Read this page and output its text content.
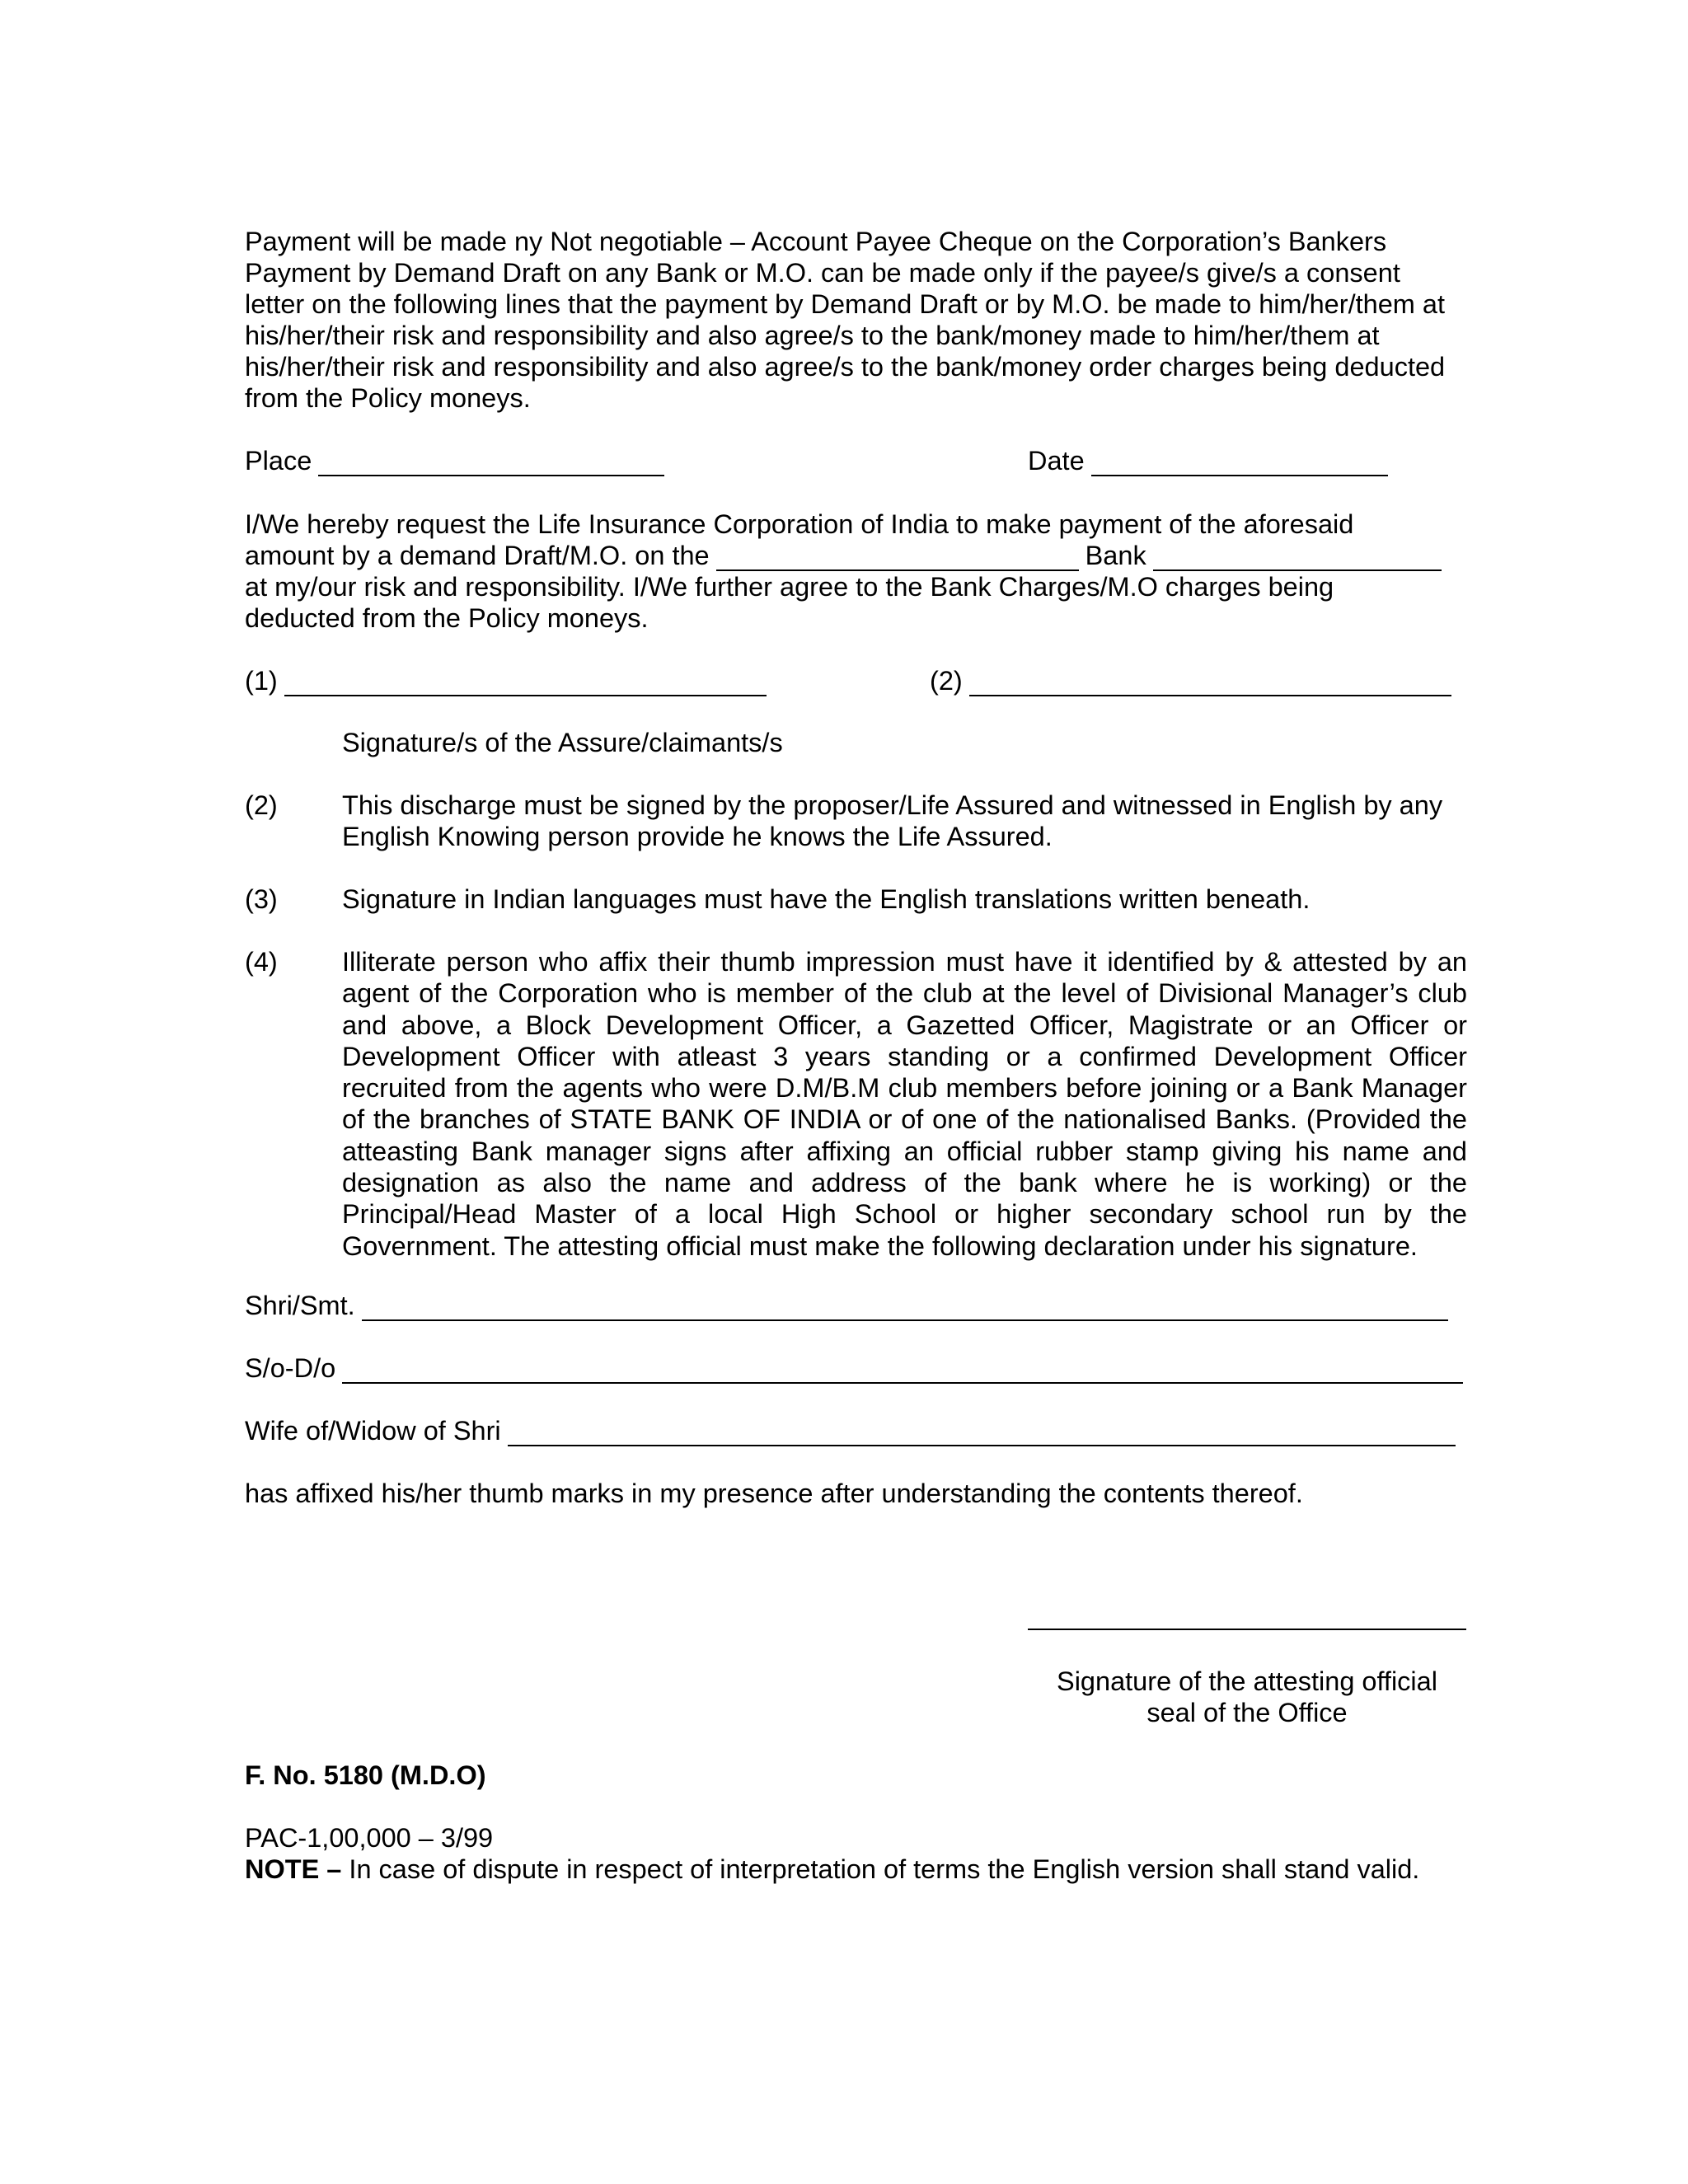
Payment will be made ny Not negotiable – Account Payee Cheque on the Corporation’s Bankers
Payment by Demand Draft on any Bank or M.O. can be made only if the payee/s give/s a consent
letter on the following lines that the payment by Demand Draft or by M.O. be made to him/her/them at
his/her/their risk and responsibility and also agree/s to the bank/money made to him/her/them at
his/her/their risk and responsibility and also agree/s to the bank/money order charges being deducted
from the Policy moneys.
Place	Date
I/We hereby request the Life Insurance Corporation of India to make payment of the aforesaid
amount by a demand Draft/M.O. on the	Bank
at my/our risk and responsibility. I/We further agree to the Bank Charges/M.O charges being
deducted from the Policy moneys.
(1)	(2)
Signature/s of the Assure/claimants/s
(2) This discharge must be signed by the proposer/Life Assured and witnessed in English by any English Knowing person provide he knows the Life Assured.
(3) Signature in Indian languages must have the English translations written beneath.
(4) Illiterate person who affix their thumb impression must have it identified by & attested by an agent of the Corporation who is member of the club at the level of Divisional Manager’s club and above, a Block Development Officer, a Gazetted Officer, Magistrate or an Officer or Development Officer with atleast 3 years standing or a confirmed Development Officer recruited from the agents who were D.M/B.M club members before joining or a Bank Manager of the branches of STATE BANK OF INDIA or of one of the nationalised Banks. (Provided the atteasting Bank manager signs after affixing an official rubber stamp giving his name and designation as also the name and address of the bank where he is working) or the Principal/Head Master of a local High School or higher secondary school run by the Government. The attesting official must make the following declaration under his signature.
Shri/Smt.
S/o-D/o
Wife of/Widow of Shri
has affixed his/her thumb marks in my presence after understanding the contents thereof.
Signature of the attesting official
seal of the Office
F. No. 5180 (M.D.O)
PAC-1,00,000 – 3/99
NOTE – In case of dispute in respect of interpretation of terms the English version shall stand valid.
